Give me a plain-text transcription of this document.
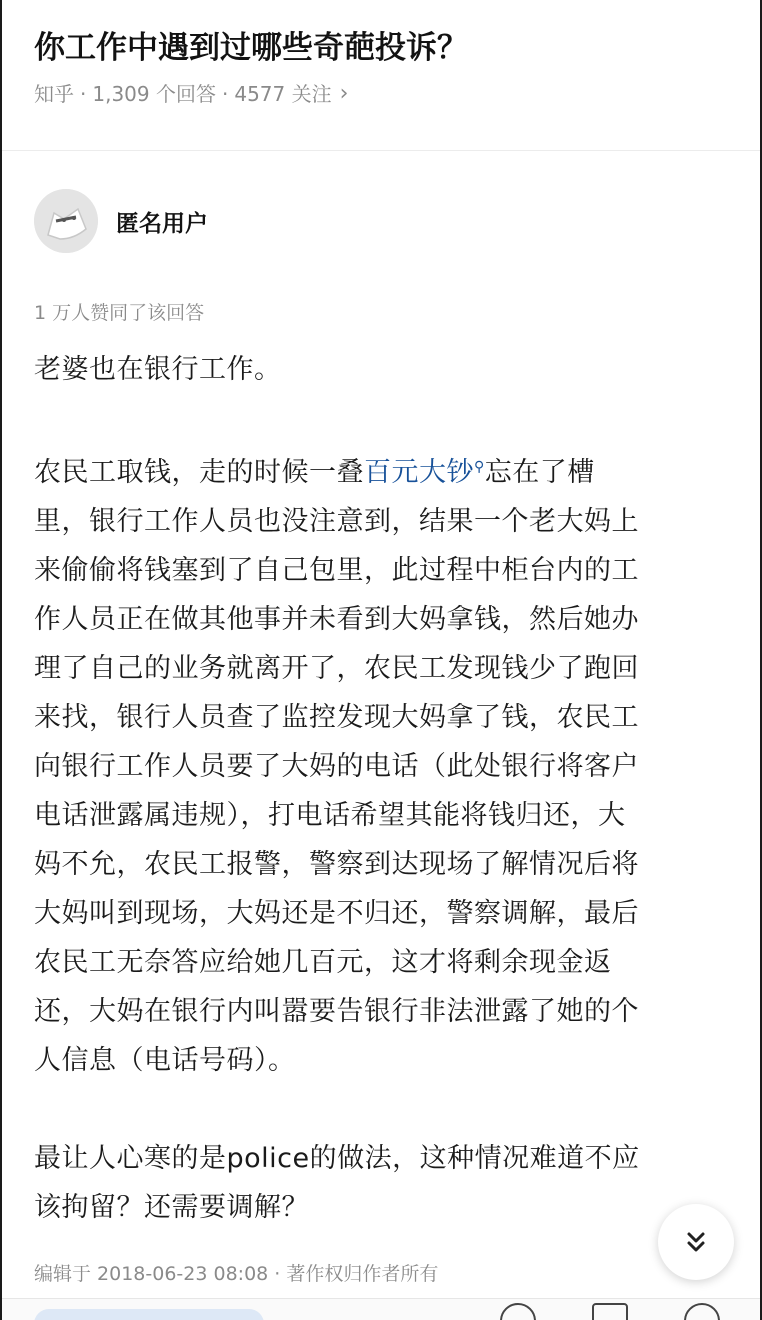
你工作中遇到过哪些奇葩投诉？
知乎 · 1,309 个回答 · 4577 关注 ›
匿名用户
1 万人赞同了该回答

老婆也在银行工作。

农民工取钱，走的时候一叠百元大钞⚲忘在了槽
里，银行工作人员也没注意到，结果一个老大妈上
来偷偷将钱塞到了自己包里，此过程中柜台内的工
作人员正在做其他事并未看到大妈拿钱，然后她办
理了自己的业务就离开了，农民工发现钱少了跑回
来找，银行人员查了监控发现大妈拿了钱，农民工
向银行工作人员要了大妈的电话（此处银行将客户
电话泄露属违规），打电话希望其能将钱归还，大
妈不允，农民工报警，警察到达现场了解情况后将
大妈叫到现场，大妈还是不归还，警察调解，最后
农民工无奈答应给她几百元，这才将剩余现金返
还，大妈在银行内叫嚣要告银行非法泄露了她的个
人信息（电话号码）。

最让人心寒的是police的做法，这种情况难道不应
该拘留？还需要调解？

编辑于 2018-06-23 08:08 · 著作权归作者所有
